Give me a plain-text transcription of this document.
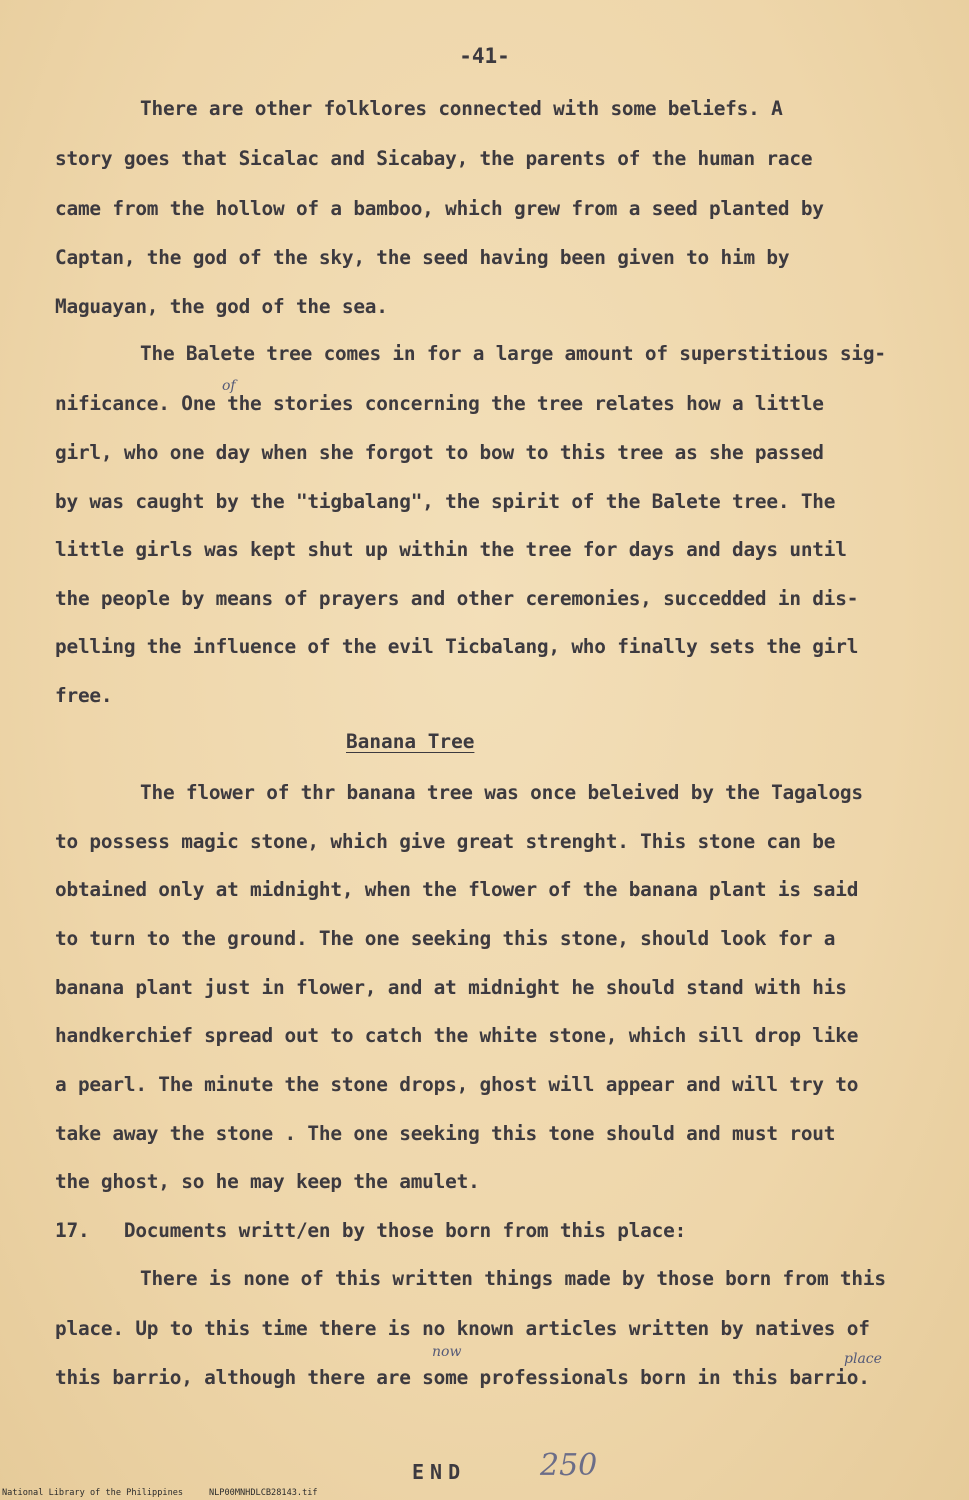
-41-
There are other folklores connected with some beliefs. A
story goes that Sicalac and Sicabay, the parents of the human race
came from the hollow of a bamboo, which grew from a seed planted by
Captan, the god of the sky, the seed having been given to him by
Maguayan, the god of the sea.
The Balete tree comes in for a large amount of superstitious sig-
nificance. One the stories concerning the tree relates how a little
of
girl, who one day when she forgot to bow to this tree as she passed
by was caught by the "tigbalang", the spirit of the Balete tree. The
little girls was kept shut up within the tree for days and days until
the people by means of prayers and other ceremonies, succedded in dis-
pelling the influence of the evil Ticbalang, who finally sets the girl
free.
Banana Tree
The flower of thr banana tree was once beleived by the Tagalogs
to possess magic stone, which give great strenght. This stone can be
obtained only at midnight, when the flower of the banana plant is said
to turn to the ground. The one seeking this stone, should look for a
banana plant just in flower, and at midnight he should stand with his
handkerchief spread out to catch the white stone, which sill drop like
a pearl. The minute the stone drops, ghost will appear and will try to
take away the stone . The one seeking this tone should and must rout
the ghost, so he may keep the amulet.
17.   Documents writt/en by those born from this place:
There is none of this written things made by those born from this
place. Up to this time there is no known articles written by natives of
this barrio, although there are some professionals born in this barrio.
now	place
END 250
National Library of the Philippines     NLP00MNHDLCB28143.tif
